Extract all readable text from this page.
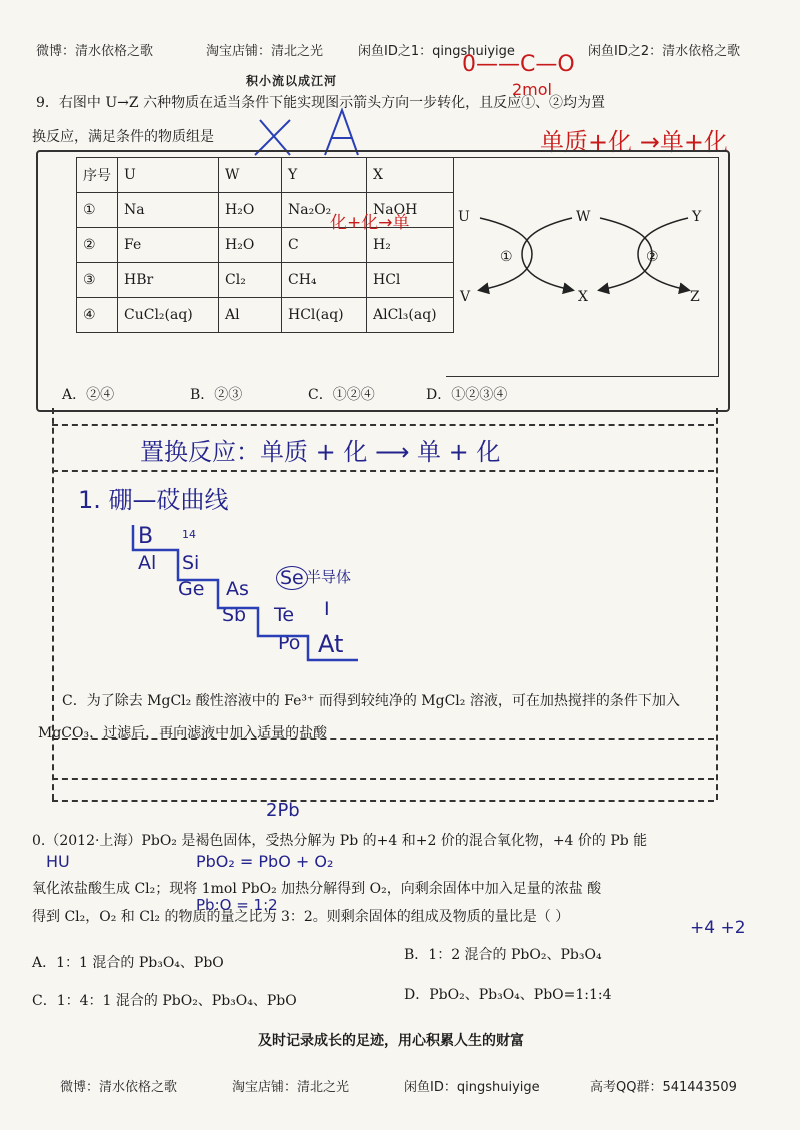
微博：清水依格之歌	淘宝店铺：清北之光	闲鱼ID之1：qingshuiyige	闲鱼ID之2：清水依格之歌
积小流以成江河
0——C—O
2mol
9．右图中 U→Z 六种物质在适当条件下能实现图示箭头方向一步转化，且反应①、②均为置
换反应，满足条件的物质组是	单质+化 →单+化
序号	U	W	Y	X
①	Na	H₂O	Na₂O₂	NaOH
②	Fe	H₂O	C	H₂
③	HBr	Cl₂	CH₄	HCl
④	CuCl₂(aq)	Al	HCl(aq)	AlCl₃(aq)
化+化→单	U	W	Y
V	X	Z
①	②
A．②④	B．②③	C．①②④	D．①②③④
置换反应：单质 + 化 ⟶ 单 + 化
1. 硼—砹曲线
B
Al Si
14
Ge As Se 半导体
Sb Te I
Po At
C．为了除去 MgCl₂ 酸性溶液中的 Fe³⁺ 而得到较纯净的 MgCl₂ 溶液，可在加热搅拌的条件下加入
MgCO₃，过滤后，再向滤液中加入适量的盐酸
0.（2012·上海）PbO₂ 是褐色固体，受热分解为 Pb 的+4 和+2 价的混合氧化物，+4 价的 Pb 能
氧化浓盐酸生成 Cl₂；现将 1mol PbO₂ 加热分解得到 O₂，向剩余固体中加入足量的浓盐 酸
得到 Cl₂，O₂ 和 Cl₂ 的物质的量之比为 3：2。则剩余固体的组成及物质的量比是（ ）
A．1：1 混合的 Pb₃O₄、PbO	B．1：2 混合的 PbO₂、Pb₃O₄
C．1：4：1 混合的 PbO₂、Pb₃O₄、PbO	D．PbO₂、Pb₃O₄、PbO=1:1:4
2Pb
HU	PbO₂ = PbO + O₂
Pb:O = 1:2
+4 +2
及时记录成长的足迹，用心积累人生的财富
微博：清水依格之歌	淘宝店铺：清北之光	闲鱼ID：qingshuiyige	高考QQ群：541443509
